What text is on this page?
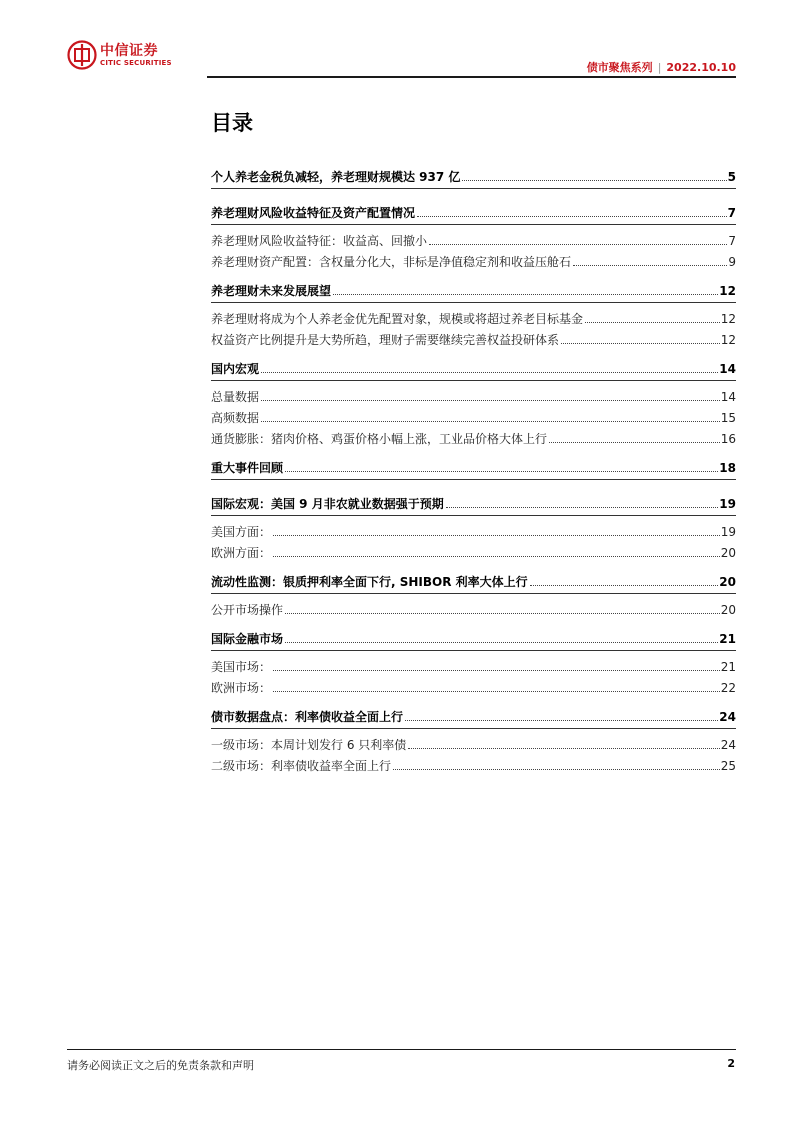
中信证券
CITIC SECURITIES	债市聚焦系列 | 2022.10.10
目录
个人养老金税负减轻，养老理财规模达 937 亿	5
养老理财风险收益特征及资产配置情况	7
养老理财风险收益特征：收益高、回撤小	7
养老理财资产配置：含权量分化大，非标是净值稳定剂和收益压舱石	9
养老理财未来发展展望	12
养老理财将成为个人养老金优先配置对象，规模或将超过养老目标基金	12
权益资产比例提升是大势所趋，理财子需要继续完善权益投研体系	12
国内宏观	14
总量数据	14
高频数据	15
通货膨胀：猪肉价格、鸡蛋价格小幅上涨，工业品价格大体上行	16
重大事件回顾	18
国际宏观：美国 9 月非农就业数据强于预期	19
美国方面：	19
欧洲方面：	20
流动性监测：银质押利率全面下行, SHIBOR 利率大体上行	20
公开市场操作	20
国际金融市场	21
美国市场：	21
欧洲市场：	22
债市数据盘点：利率债收益全面上行	24
一级市场：本周计划发行 6 只利率债	24
二级市场：利率债收益率全面上行	25
请务必阅读正文之后的免责条款和声明	2
